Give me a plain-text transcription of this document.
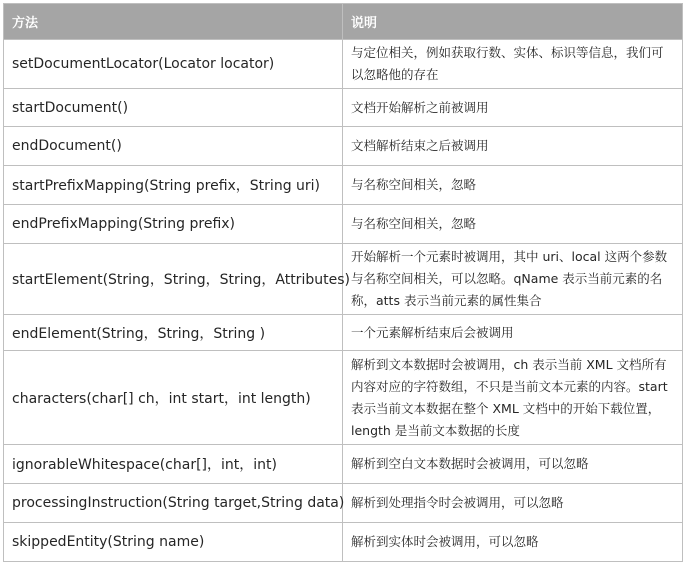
方法	说明
setDocumentLocator(Locator locator)	与定位相关，例如获取行数、实体、标识等信息，我们可以忽略他的存在
startDocument()	文档开始解析之前被调用
endDocument()	文档解析结束之后被调用
startPrefixMapping(String prefix，String uri)	与名称空间相关，忽略
endPrefixMapping(String prefix)	与名称空间相关，忽略
startElement(String，String，String，Attributes)	开始解析一个元素时被调用，其中 uri、local 这两个参数与名称空间相关，可以忽略。qName 表示当前元素的名称，atts 表示当前元素的属性集合
endElement(String，String，String )	一个元素解析结束后会被调用
characters(char[] ch，int start，int length)	解析到文本数据时会被调用，ch 表示当前 XML 文档所有内容对应的字符数组，不只是当前文本元素的内容。start 表示当前文本数据在整个 XML 文档中的开始下载位置，length 是当前文本数据的长度
ignorableWhitespace(char[]，int，int)	解析到空白文本数据时会被调用，可以忽略
processingInstruction(String target,String data)	解析到处理指令时会被调用，可以忽略
skippedEntity(String name)	解析到实体时会被调用，可以忽略
